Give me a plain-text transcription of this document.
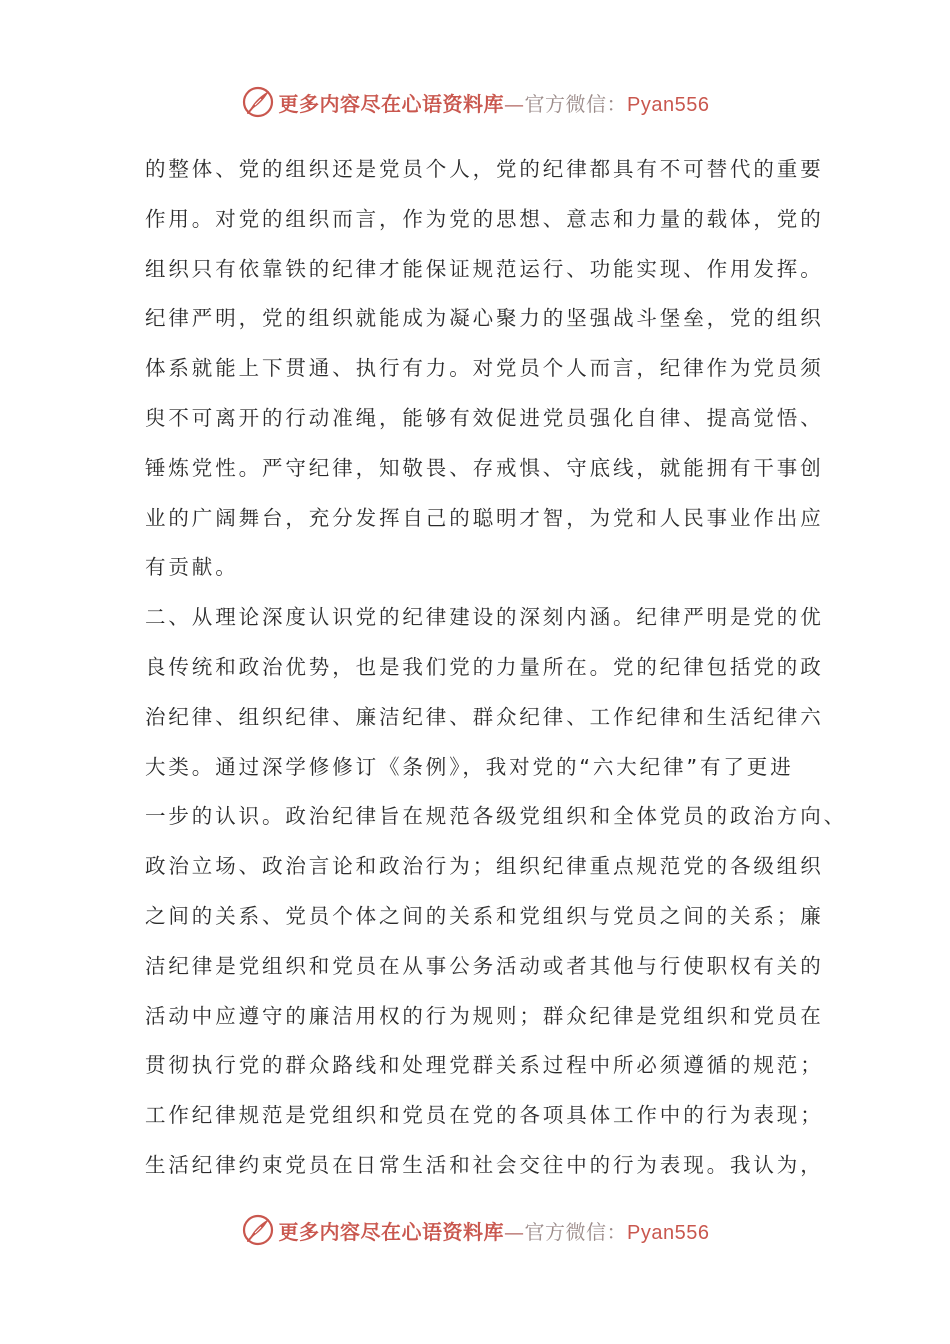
更多内容尽在心语资料库—官方微信：Pyan556
的整体、党的组织还是党员个人，党的纪律都具有不可替代的重要
作用。对党的组织而言，作为党的思想、意志和力量的载体，党的
组织只有依靠铁的纪律才能保证规范运行、功能实现、作用发挥。
纪律严明，党的组织就能成为凝心聚力的坚强战斗堡垒，党的组织
体系就能上下贯通、执行有力。对党员个人而言，纪律作为党员须
臾不可离开的行动准绳，能够有效促进党员强化自律、提高觉悟、
锤炼党性。严守纪律，知敬畏、存戒惧、守底线，就能拥有干事创
业的广阔舞台，充分发挥自己的聪明才智，为党和人民事业作出应
有贡献。
二、从理论深度认识党的纪律建设的深刻内涵。纪律严明是党的优
良传统和政治优势，也是我们党的力量所在。党的纪律包括党的政
治纪律、组织纪律、廉洁纪律、群众纪律、工作纪律和生活纪律六
大类。通过深学修修订《条例》，我对党的“六大纪律”有了更进
一步的认识。政治纪律旨在规范各级党组织和全体党员的政治方向、
政治立场、政治言论和政治行为；组织纪律重点规范党的各级组织
之间的关系、党员个体之间的关系和党组织与党员之间的关系；廉
洁纪律是党组织和党员在从事公务活动或者其他与行使职权有关的
活动中应遵守的廉洁用权的行为规则；群众纪律是党组织和党员在
贯彻执行党的群众路线和处理党群关系过程中所必须遵循的规范；
工作纪律规范是党组织和党员在党的各项具体工作中的行为表现；
生活纪律约束党员在日常生活和社会交往中的行为表现。我认为，
更多内容尽在心语资料库—官方微信：Pyan556
